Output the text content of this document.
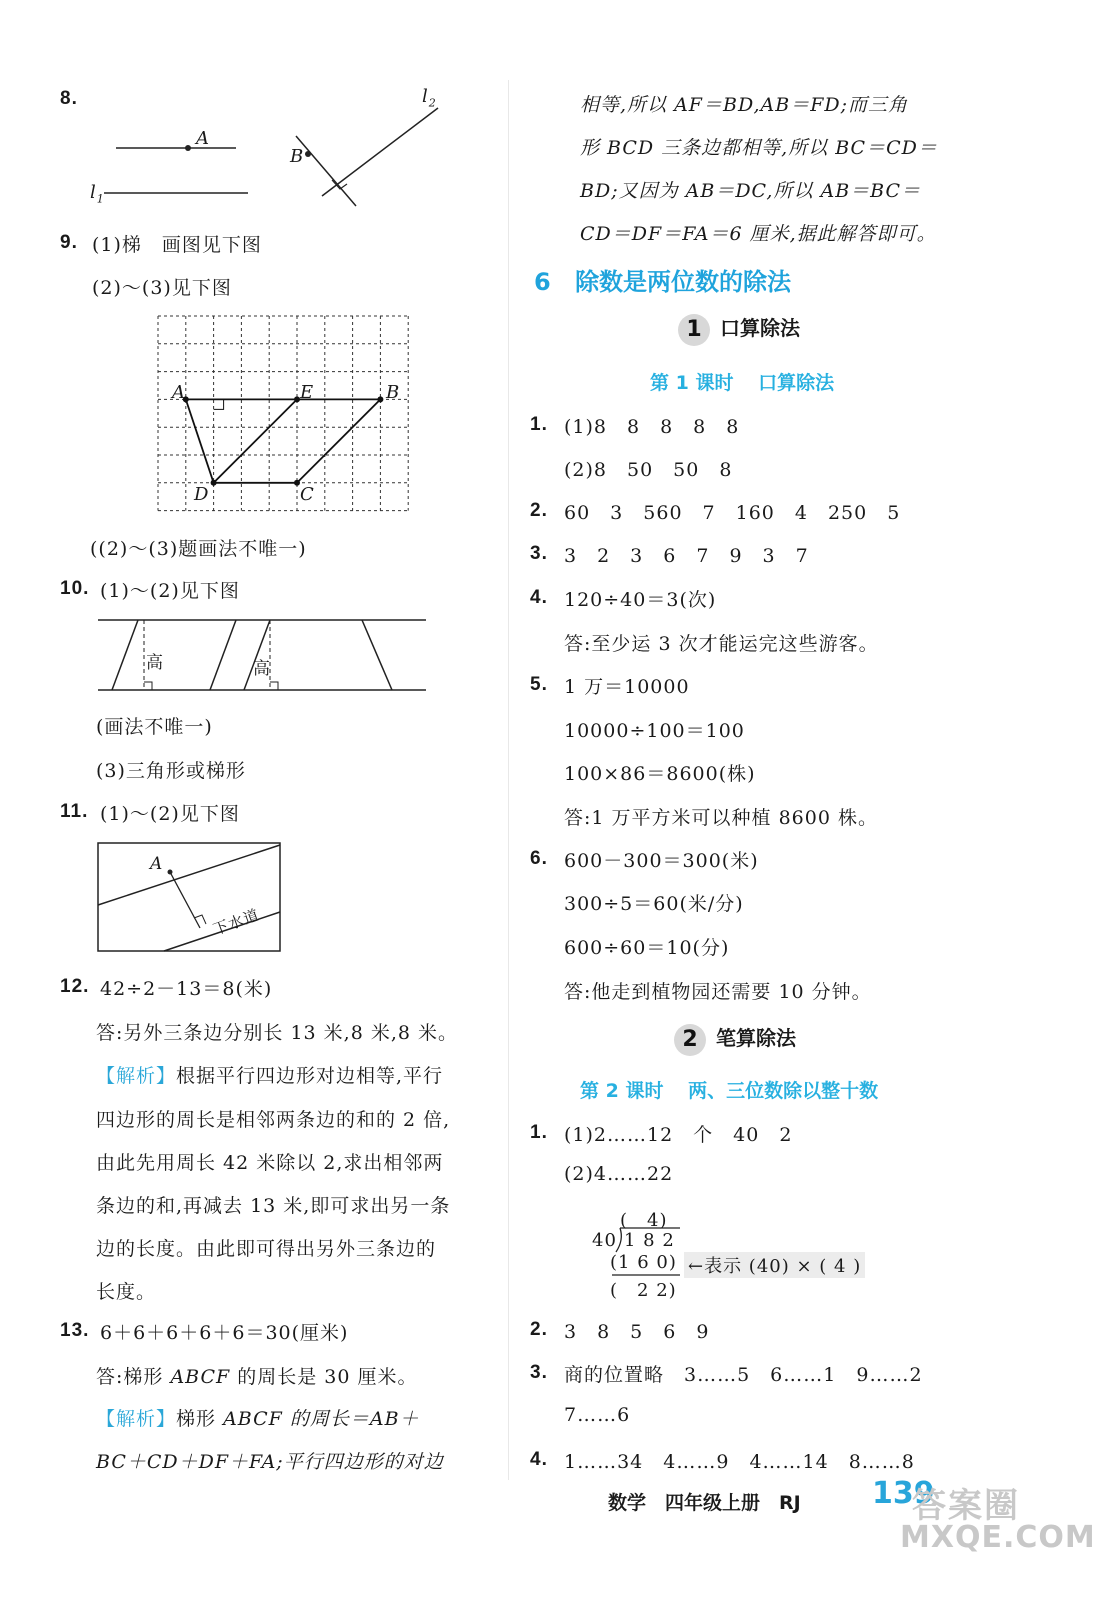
8.
A
$l_1$
$l_2$
B
9. (1)梯　画图见下图
(2)～(3)见下图
A	E	B
D	C
((2)～(3)题画法不唯一)
10. (1)～(2)见下图
高	高
(画法不唯一)
(3)三角形或梯形
11. (1)～(2)见下图
A
下水道
12. 42÷2－13＝8(米)
答:另外三条边分别长 13 米,8 米,8 米。
【解析】根据平行四边形对边相等,平行
四边形的周长是相邻两条边的和的 2 倍,
由此先用周长 42 米除以 2,求出相邻两
条边的和,再减去 13 米,即可求出另一条
边的长度。由此即可得出另外三条边的
长度。
13. 6＋6＋6＋6＋6＝30(厘米)
答:梯形 ABCF 的周长是 30 厘米。
【解析】梯形 ABCF 的周长＝AB＋
BC＋CD＋DF＋FA;平行四边形的对边
相等,所以 AF＝BD,AB＝FD;而三角
形 BCD 三条边都相等,所以 BC＝CD＝
BD;又因为 AB＝DC,所以 AB＝BC＝
CD＝DF＝FA＝6 厘米,据此解答即可。
6 除数是两位数的除法
1 口算除法
第 1 课时 口算除法
1. (1)8　8　8　8　8
(2)8　50　50　8
2. 60　3　560　7　160　4　250　5
3. 3　2　3　6　7　9　3　7
4. 120÷40＝3(次)
答:至少运 3 次才能运完这些游客。
5. 1 万＝10000
10000÷100＝100
100×86＝8600(株)
答:1 万平方米可以种植 8600 株。
6. 600－300＝300(米)
300÷5＝60(米/分)
600÷60＝10(分)
答:他走到植物园还需要 10 分钟。
2 笔算除法
第 2 课时 两、三位数除以整十数
1. (1)2……12　个　40　2
(2)4……22
(　4)
40 1 8 2
(1 6 0)
(　2 2)
←表示 (40) × ( 4 )
2. 3　8　5　6　9
3. 商的位置略　3……5　6……1　9……2
7……6
4. 1……34　4……9　4……14　8……8
数学　四年级上册　RJ 139
答案圈
MXQE.COM
